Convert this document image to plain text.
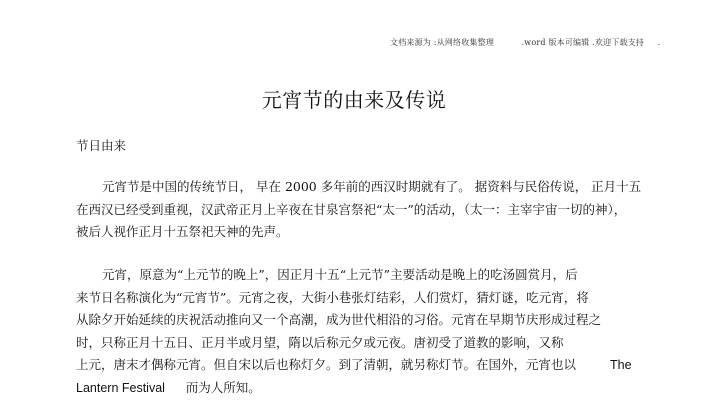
文档来源为 :从网络收集整理	.word 版本可编辑 .欢迎下载支持 .
元宵节的由来及传说
节日由来
元宵节是中国的传统节日， 早在 2000 多年前的西汉时期就有了。 据资料与民俗传说， 正月十五
在西汉已经受到重视，汉武帝正月上辛夜在甘泉宫祭祀“太一”的活动，（太一：主宰宇宙一切的神），
被后人视作正月十五祭祀天神的先声。
元宵，原意为“上元节的晚上”，因正月十五“上元节”主要活动是晚上的吃汤圆赏月，后
来节日名称演化为“元宵节”。元宵之夜，大街小巷张灯结彩，人们赏灯，猜灯谜，吃元宵，将
从除夕开始延续的庆祝活动推向又一个高潮，成为世代相沿的习俗。元宵在早期节庆形成过程之
时，只称正月十五日、正月半或月望，隋以后称元夕或元夜。唐初受了道教的影响，又称
上元，唐末才偶称元宵。但自宋以后也称灯夕。到了清朝，就另称灯节。在国外，元宵也以	The
Lantern Festival      而为人所知。
